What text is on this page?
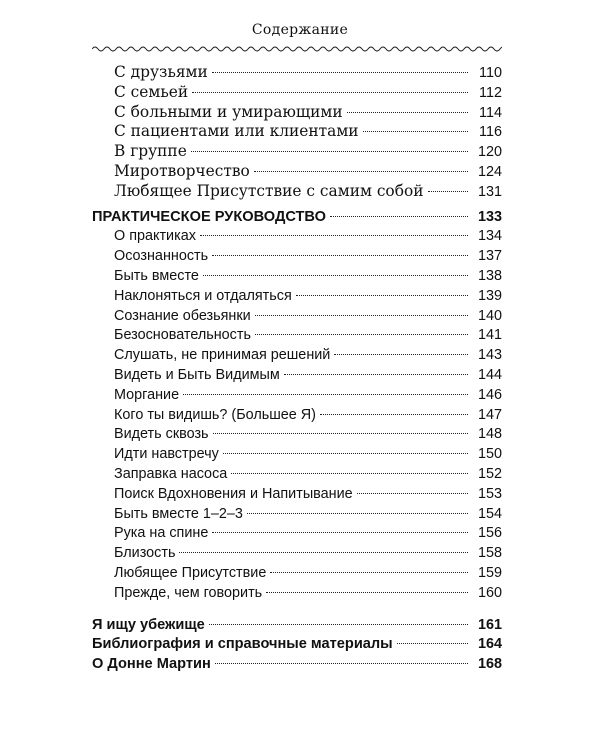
Содержание
С друзьями	110
С семьей	112
С больными и умирающими	114
С пациентами или клиентами	116
В группе	120
Миротворчество	124
Любящее Присутствие с самим собой	131
ПРАКТИЧЕСКОЕ РУКОВОДСТВО	133
О практиках	134
Осознанность	137
Быть вместе	138
Наклоняться и отдаляться	139
Сознание обезьянки	140
Безосновательность	141
Слушать, не принимая решений	143
Видеть и Быть Видимым	144
Моргание	146
Кого ты видишь? (Большее Я)	147
Видеть сквозь	148
Идти навстречу	150
Заправка насоса	152
Поиск Вдохновения и Напитывание	153
Быть вместе 1–2–3	154
Рука на спине	156
Близость	158
Любящее Присутствие	159
Прежде, чем говорить	160
Я ищу убежище	161
Библиография и справочные материалы	164
О Донне Мартин	168
